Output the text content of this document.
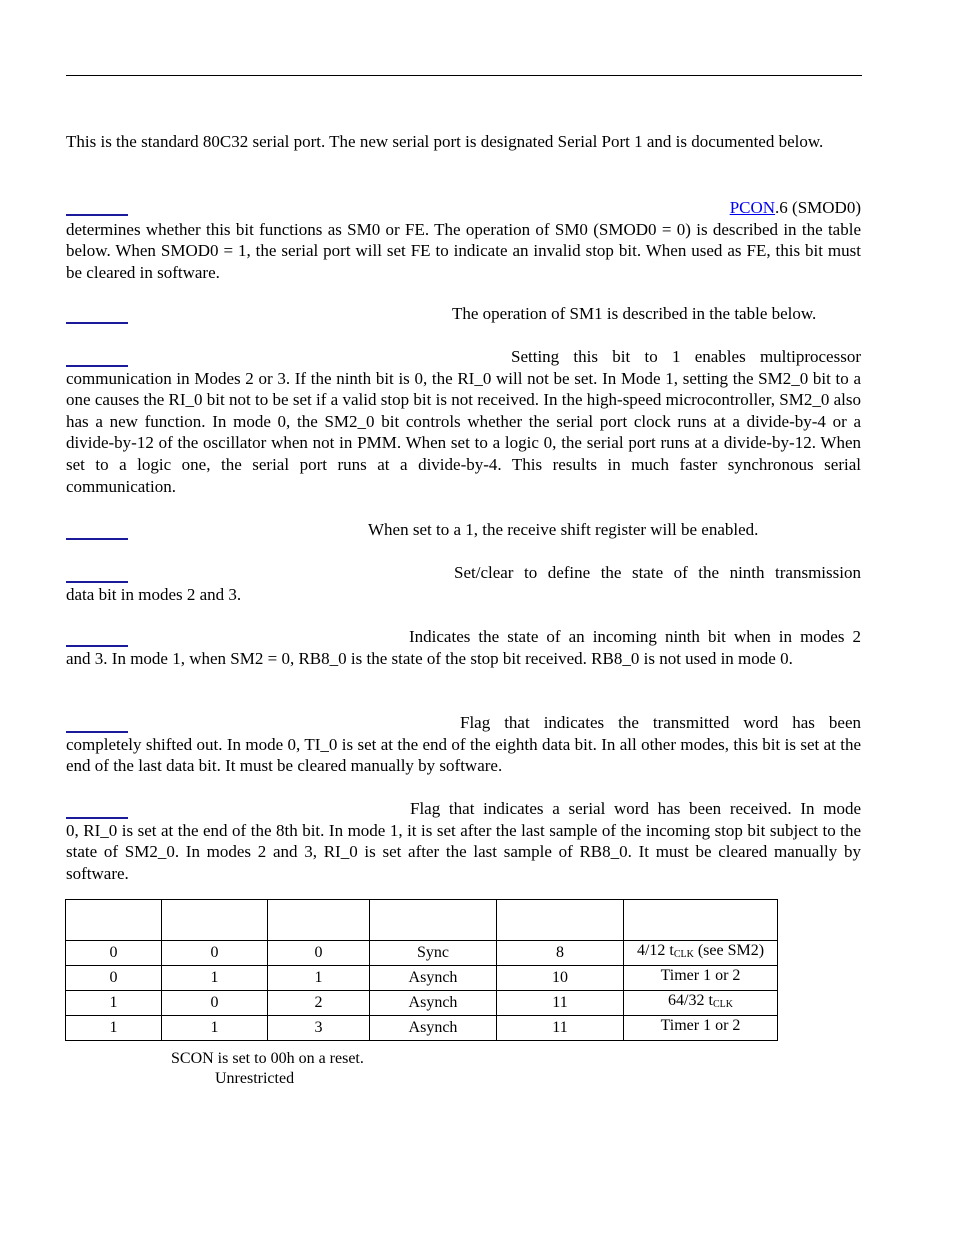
This is the standard 80C32 serial port. The new serial port is designated Serial Port 1 and is documented below.
PCON.6 (SMOD0)
determines whether this bit functions as SM0 or FE. The operation of SM0 (SMOD0 = 0) is described in the table below. When SMOD0 = 1, the serial port will set FE to indicate an invalid stop bit. When used as FE, this bit must be cleared in software.
The operation of SM1 is described in the table below.
Setting this bit to 1 enables multiprocessor
communication in Modes 2 or 3. If the ninth bit is 0, the RI_0 will not be set. In Mode 1, setting the SM2_0 bit to a one causes the RI_0 bit not to be set if a valid stop bit is not received. In the high-speed microcontroller, SM2_0 also has a new function. In mode 0, the SM2_0 bit controls whether the serial port clock runs at a divide-by-4 or a divide-by-12 of the oscillator when not in PMM. When set to a logic 0, the serial port runs at a divide-by-12. When set to a logic one, the serial port runs at a divide-by-4. This results in much faster synchronous serial communication.
When set to a 1, the receive shift register will be enabled.
Set/clear to define the state of the ninth transmission
data bit in modes 2 and 3.
Indicates the state of an incoming ninth bit when in modes 2
and 3. In mode 1, when SM2 = 0, RB8_0 is the state of the stop bit received. RB8_0 is not used in mode 0.
Flag that indicates the transmitted word has been
completely shifted out. In mode 0, TI_0 is set at the end of the eighth data bit. In all other modes, this bit is set at the end of the last data bit. It must be cleared manually by software.
Flag that indicates a serial word has been received. In mode
0, RI_0 is set at the end of the 8th bit. In mode 1, it is set after the last sample of the incoming stop bit subject to the state of SM2_0. In modes 2 and 3, RI_0 is set after the last sample of RB8_0. It must be cleared manually by software.

0	0	0	Sync	8	4/12 $t_{CLK}$ (see SM2)
0	1	1	Asynch	10	Timer 1 or 2
1	0	2	Asynch	11	64/32 $t_{CLK}$
1	1	3	Asynch	11	Timer 1 or 2
SCON is set to 00h on a reset.
Unrestricted
